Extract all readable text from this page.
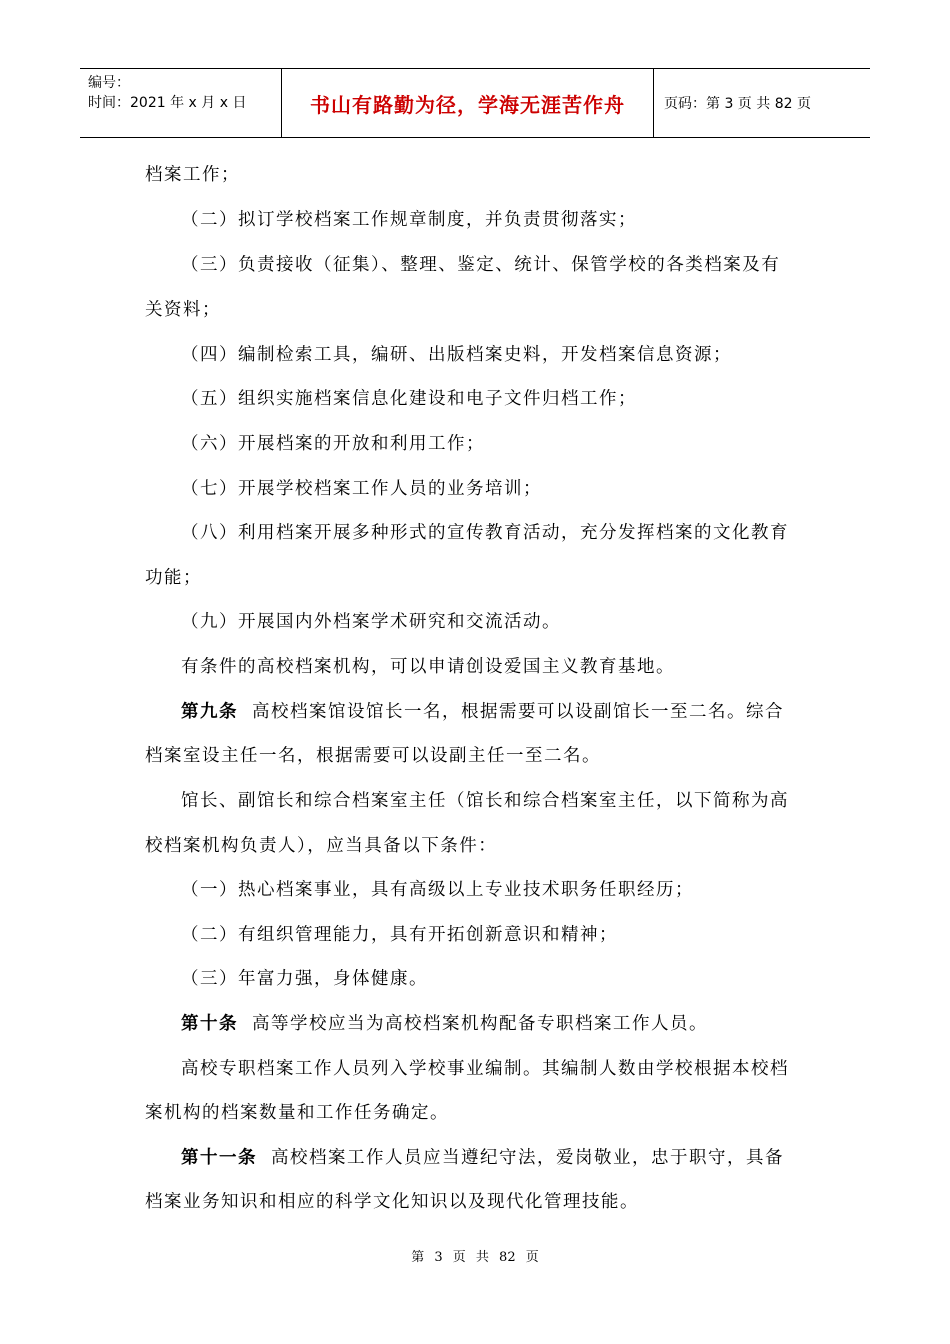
编号：
时间：2021 年 x 月 x 日	书山有路勤为径，学海无涯苦作舟	页码：第 3 页 共 82 页
档案工作；
（二）拟订学校档案工作规章制度，并负责贯彻落实；
（三）负责接收（征集）、整理、鉴定、统计、保管学校的各类档案及有
关资料；
（四）编制检索工具，编研、出版档案史料，开发档案信息资源；
（五）组织实施档案信息化建设和电子文件归档工作；
（六）开展档案的开放和利用工作；
（七）开展学校档案工作人员的业务培训；
（八）利用档案开展多种形式的宣传教育活动，充分发挥档案的文化教育
功能；
（九）开展国内外档案学术研究和交流活动。
有条件的高校档案机构，可以申请创设爱国主义教育基地。
第九条 高校档案馆设馆长一名，根据需要可以设副馆长一至二名。综合
档案室设主任一名，根据需要可以设副主任一至二名。
馆长、副馆长和综合档案室主任（馆长和综合档案室主任，以下简称为高
校档案机构负责人），应当具备以下条件：
（一）热心档案事业，具有高级以上专业技术职务任职经历；
（二）有组织管理能力，具有开拓创新意识和精神；
（三）年富力强，身体健康。
第十条 高等学校应当为高校档案机构配备专职档案工作人员。
高校专职档案工作人员列入学校事业编制。其编制人数由学校根据本校档
案机构的档案数量和工作任务确定。
第十一条 高校档案工作人员应当遵纪守法，爱岗敬业，忠于职守，具备
档案业务知识和相应的科学文化知识以及现代化管理技能。
第 3 页 共 82 页
